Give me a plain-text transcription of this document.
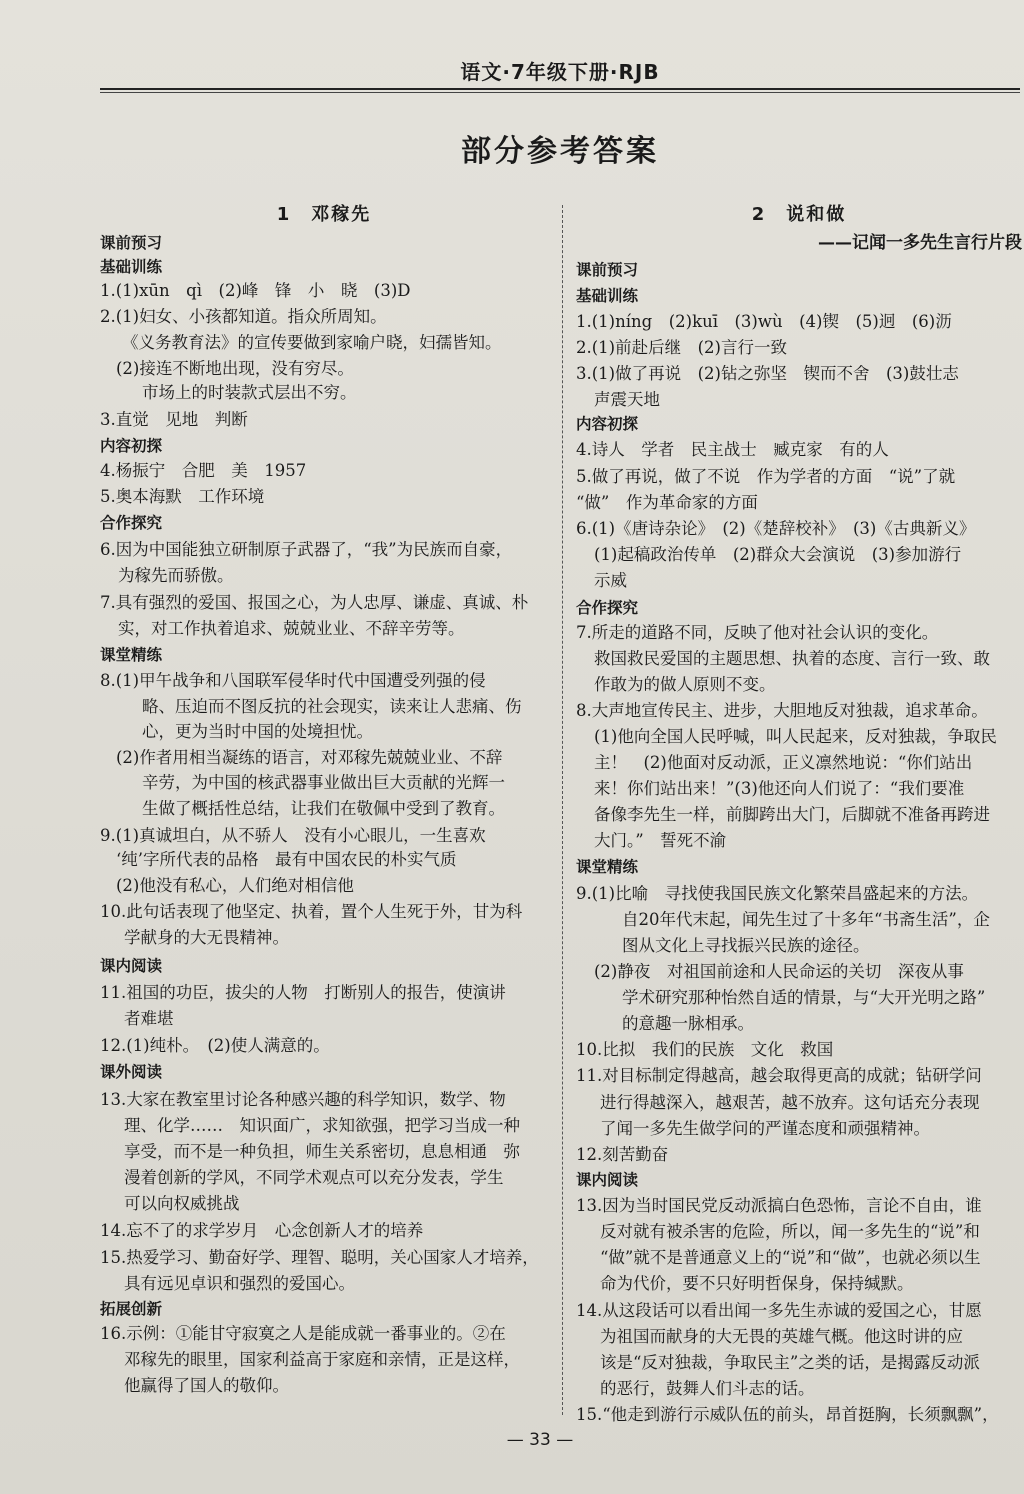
语文·7年级下册·RJB
部分参考答案
1　邓稼先
课前预习
基础训练
1.(1)xūn　qì　(2)峰　锋　小　晓　(3)D
2.(1)妇女、小孩都知道。指众所周知。
《义务教育法》的宣传要做到家喻户晓，妇孺皆知。
(2)接连不断地出现，没有穷尽。
市场上的时装款式层出不穷。
3.直觉　见地　判断
内容初探
4.杨振宁　合肥　美　1957
5.奥本海默　工作环境
合作探究
6.因为中国能独立研制原子武器了，“我”为民族而自豪，
为稼先而骄傲。
7.具有强烈的爱国、报国之心，为人忠厚、谦虚、真诚、朴
实，对工作执着追求、兢兢业业、不辞辛劳等。
课堂精练
8.(1)甲午战争和八国联军侵华时代中国遭受列强的侵
略、压迫而不图反抗的社会现实，读来让人悲痛、伤
心，更为当时中国的处境担忧。
(2)作者用相当凝练的语言，对邓稼先兢兢业业、不辞
辛劳，为中国的核武器事业做出巨大贡献的光辉一
生做了概括性总结，让我们在敬佩中受到了教育。
9.(1)真诚坦白，从不骄人　没有小心眼儿，一生喜欢
‘纯’字所代表的品格　最有中国农民的朴实气质
(2)他没有私心，人们绝对相信他
10.此句话表现了他坚定、执着，置个人生死于外，甘为科
学献身的大无畏精神。
课内阅读
11.祖国的功臣，拔尖的人物　打断别人的报告，使演讲
者难堪
12.(1)纯朴。　(2)使人满意的。
课外阅读
13.大家在教室里讨论各种感兴趣的科学知识，数学、物
理、化学……　知识面广，求知欲强，把学习当成一种
享受，而不是一种负担，师生关系密切，息息相通　弥
漫着创新的学风，不同学术观点可以充分发表，学生
可以向权威挑战
14.忘不了的求学岁月　心念创新人才的培养
15.热爱学习、勤奋好学、理智、聪明，关心国家人才培养，
具有远见卓识和强烈的爱国心。
拓展创新
16.示例：①能甘守寂寞之人是能成就一番事业的。②在
邓稼先的眼里，国家利益高于家庭和亲情，正是这样，
他赢得了国人的敬仰。
2　说和做
——记闻一多先生言行片段
课前预习
基础训练
1.(1)níng　(2)kuī　(3)wù　(4)锲　(5)迥　(6)沥
2.(1)前赴后继　(2)言行一致
3.(1)做了再说　(2)钻之弥坚　锲而不舍　(3)鼓壮志
声震天地
内容初探
4.诗人　学者　民主战士　臧克家　有的人
5.做了再说，做了不说　作为学者的方面　“说”了就
“做”　作为革命家的方面
6.(1)《唐诗杂论》　(2)《楚辞校补》　(3)《古典新义》
(1)起稿政治传单　(2)群众大会演说　(3)参加游行
示威
合作探究
7.所走的道路不同，反映了他对社会认识的变化。
救国救民爱国的主题思想、执着的态度、言行一致、敢
作敢为的做人原则不变。
8.大声地宣传民主、进步，大胆地反对独裁，追求革命。
(1)他向全国人民呼喊，叫人民起来，反对独裁，争取民
主！　(2)他面对反动派，正义凛然地说：“你们站出
来！你们站出来！”(3)他还向人们说了：“我们要准
备像李先生一样，前脚跨出大门，后脚就不准备再跨进
大门。”　誓死不渝
课堂精练
9.(1)比喻　寻找使我国民族文化繁荣昌盛起来的方法。
自20年代末起，闻先生过了十多年“书斋生活”，企
图从文化上寻找振兴民族的途径。
(2)静夜　对祖国前途和人民命运的关切　深夜从事
学术研究那种怡然自适的情景，与“大开光明之路”
的意趣一脉相承。
10.比拟　我们的民族　文化　救国
11.对目标制定得越高，越会取得更高的成就；钻研学问
进行得越深入，越艰苦，越不放弃。这句话充分表现
了闻一多先生做学问的严谨态度和顽强精神。
12.刻苦勤奋
课内阅读
13.因为当时国民党反动派搞白色恐怖，言论不自由，谁
反对就有被杀害的危险，所以，闻一多先生的“说”和
“做”就不是普通意义上的“说”和“做”，也就必须以生
命为代价，要不只好明哲保身，保持缄默。
14.从这段话可以看出闻一多先生赤诚的爱国之心，甘愿
为祖国而献身的大无畏的英雄气概。他这时讲的应
该是“反对独裁，争取民主”之类的话，是揭露反动派
的恶行，鼓舞人们斗志的话。
15.“他走到游行示威队伍的前头，昂首挺胸，长须飘飘”，
— 33 —
